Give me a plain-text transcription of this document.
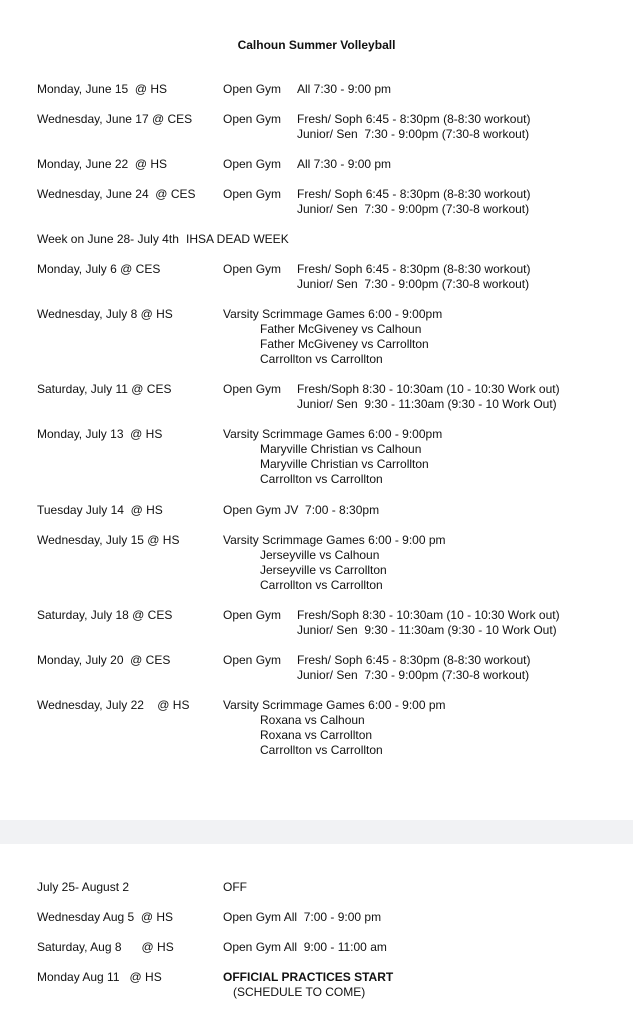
Calhoun Summer Volleyball
Monday, June 15  @ HS	Open Gym All 7:30 - 9:00 pm
Wednesday, June 17 @ CES	Open Gym Fresh/ Soph 6:45 - 8:30pm (8-8:30 workout)
Junior/ Sen  7:30 - 9:00pm (7:30-8 workout)
Monday, June 22  @ HS	Open Gym All 7:30 - 9:00 pm
Wednesday, June 24  @ CES Open Gym Fresh/ Soph 6:45 - 8:30pm (8-8:30 workout)
Junior/ Sen  7:30 - 9:00pm (7:30-8 workout)
Week on June 28- July 4th IHSA DEAD WEEK
Monday, July 6 @ CES	Open Gym Fresh/ Soph 6:45 - 8:30pm (8-8:30 workout)
Junior/ Sen  7:30 - 9:00pm (7:30-8 workout)
Wednesday, July 8 @ HS	Varsity Scrimmage Games 6:00 - 9:00pm
Father McGiveney vs Calhoun
Father McGiveney vs Carrollton
Carrollton vs Carrollton
Saturday, July 11 @ CES	Open Gym Fresh/Soph 8:30 - 10:30am (10 - 10:30 Work out)
Junior/ Sen  9:30 - 11:30am (9:30 - 10 Work Out)
Monday, July 13  @ HS	Varsity Scrimmage Games 6:00 - 9:00pm
Maryville Christian vs Calhoun
Maryville Christian vs Carrollton
Carrollton vs Carrollton
Tuesday July 14  @ HS	Open Gym JV  7:00 - 8:30pm
Wednesday, July 15 @ HS	Varsity Scrimmage Games 6:00 - 9:00 pm
Jerseyville vs Calhoun
Jerseyville vs Carrollton
Carrollton vs Carrollton
Saturday, July 18 @ CES	Open Gym Fresh/Soph 8:30 - 10:30am (10 - 10:30 Work out)
Junior/ Sen  9:30 - 11:30am (9:30 - 10 Work Out)
Monday, July 20  @ CES	Open Gym Fresh/ Soph 6:45 - 8:30pm (8-8:30 workout)
Junior/ Sen  7:30 - 9:00pm (7:30-8 workout)
Wednesday, July 22    @ HS	Varsity Scrimmage Games 6:00 - 9:00 pm
Roxana vs Calhoun
Roxana vs Carrollton
Carrollton vs Carrollton
July 25- August 2	OFF
Wednesday Aug 5  @ HS	Open Gym All  7:00 - 9:00 pm
Saturday, Aug 8      @ HS	Open Gym All  9:00 - 11:00 am
Monday Aug 11   @ HS	OFFICIAL PRACTICES START
(SCHEDULE TO COME)
